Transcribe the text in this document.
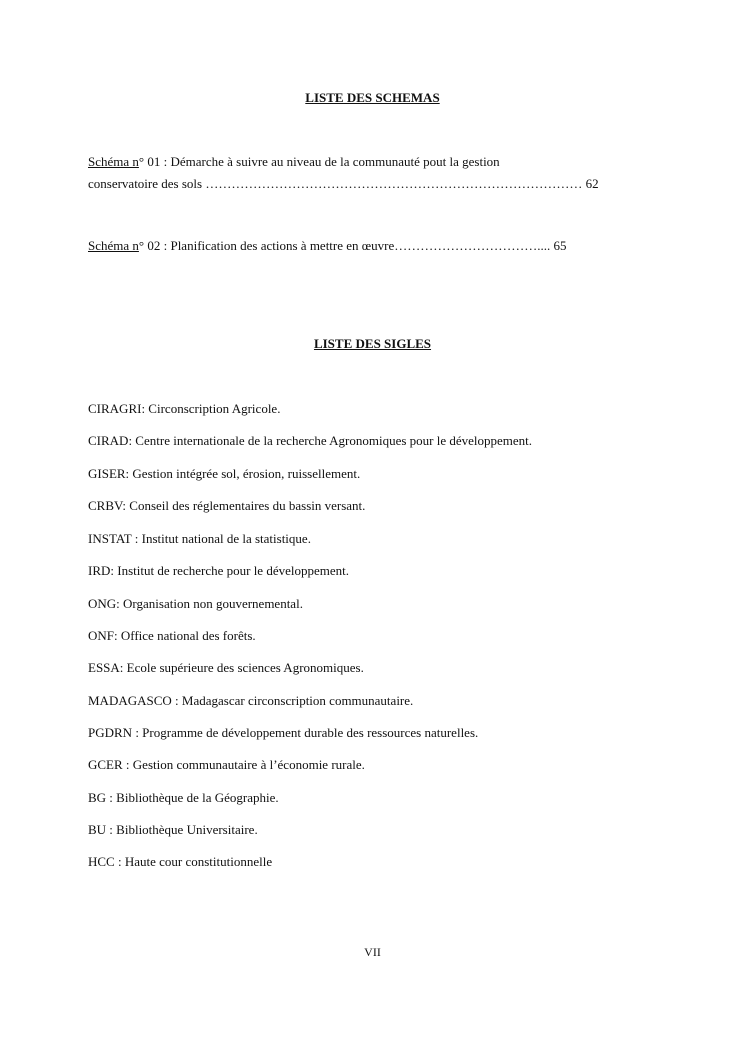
LISTE DES SCHEMAS
Schéma n° 01 : Démarche à suivre au niveau de la communauté pout la gestion
conservatoire des sols …………………………………………………………………………… 62
Schéma n° 02 : Planification des actions à mettre en œuvre…………………………….... 65
LISTE DES SIGLES
CIRAGRI: Circonscription Agricole.
CIRAD: Centre internationale de la recherche Agronomiques pour le développement.
GISER: Gestion intégrée sol, érosion, ruissellement.
CRBV: Conseil des réglementaires du bassin versant.
INSTAT : Institut national de la statistique.
IRD: Institut de recherche pour le développement.
ONG: Organisation non gouvernemental.
ONF: Office national des forêts.
ESSA: Ecole supérieure des sciences Agronomiques.
MADAGASCO : Madagascar circonscription communautaire.
PGDRN : Programme de développement durable des ressources naturelles.
GCER : Gestion communautaire à l’économie rurale.
BG : Bibliothèque de la Géographie.
BU : Bibliothèque Universitaire.
HCC : Haute cour constitutionnelle
VII
